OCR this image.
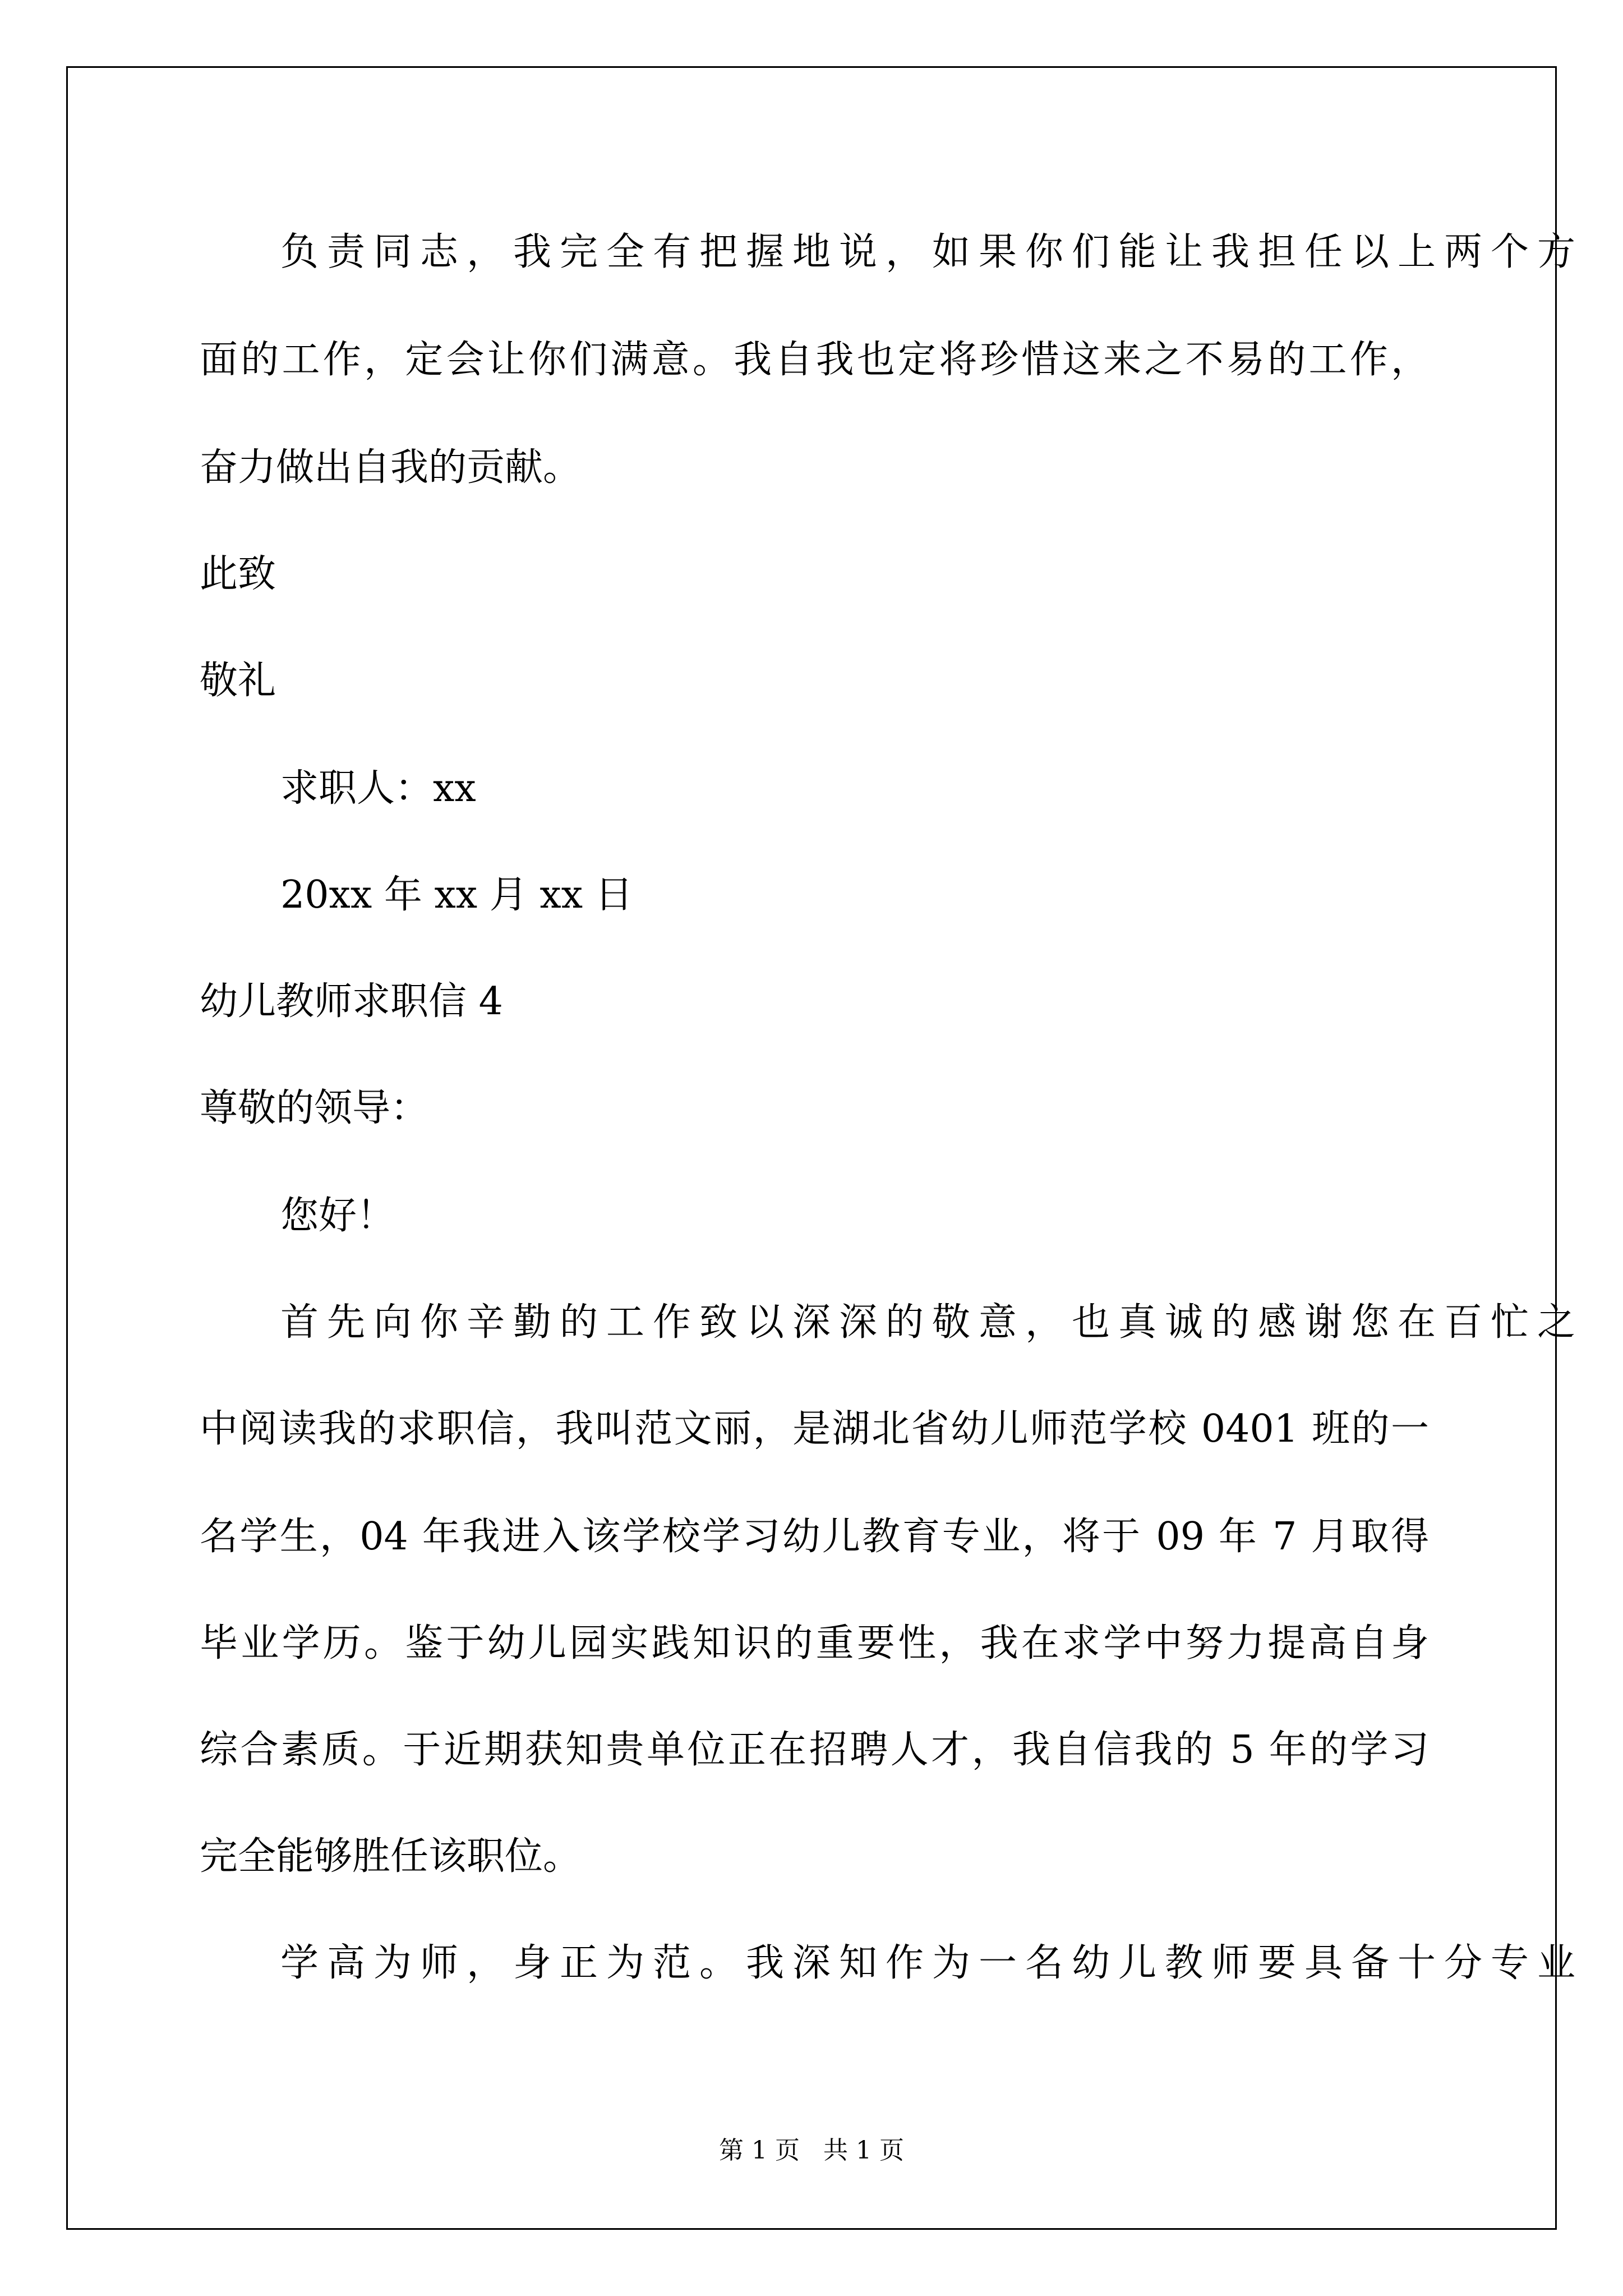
负责同志，我完全有把握地说，如果你们能让我担任以上两个方
面的工作，定会让你们满意。我自我也定将珍惜这来之不易的工作，
奋力做出自我的贡献。
此致
敬礼
求职人：xx
20xx 年 xx 月 xx 日
幼儿教师求职信 4
尊敬的领导：
您好！
首先向你辛勤的工作致以深深的敬意，也真诚的感谢您在百忙之
中阅读我的求职信，我叫范文丽，是湖北省幼儿师范学校 0401 班的一
名学生，04 年我进入该学校学习幼儿教育专业，将于 09 年 7 月取得
毕业学历。鉴于幼儿园实践知识的重要性，我在求学中努力提高自身
综合素质。于近期获知贵单位正在招聘人才，我自信我的 5 年的学习
完全能够胜任该职位。
学高为师，身正为范。我深知作为一名幼儿教师要具备十分专业
第 1 页   共 1 页
